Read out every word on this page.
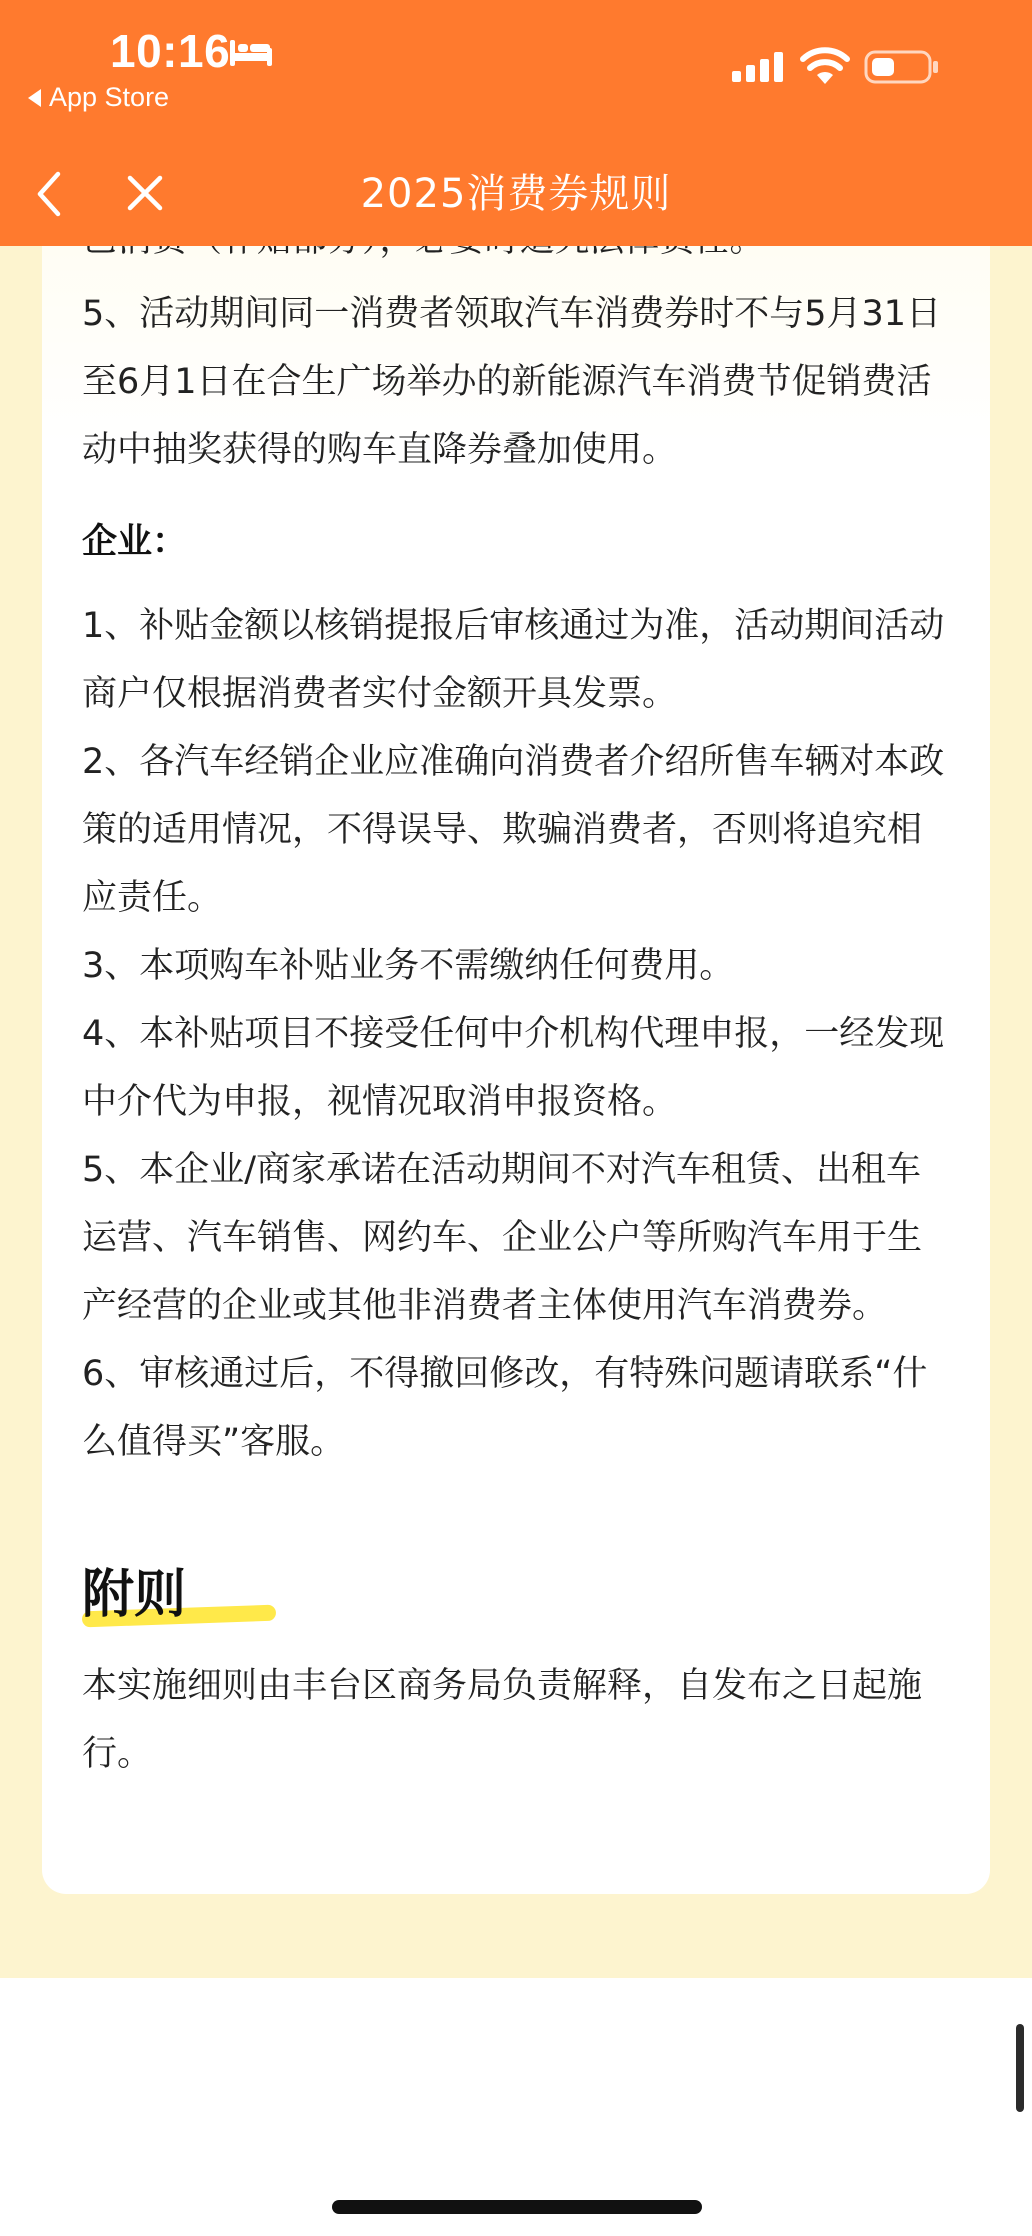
10:16
App Store
2025消费券规则

5、活动期间同一消费者领取汽车消费券时不与5月31日至6月1日在合生广场举办的新能源汽车消费节促销费活动中抽奖获得的购车直降券叠加使用。

企业：

1、补贴金额以核销提报后审核通过为准，活动期间活动商户仅根据消费者实付金额开具发票。

2、各汽车经销企业应准确向消费者介绍所售车辆对本政策的适用情况，不得误导、欺骗消费者，否则将追究相应责任。

3、本项购车补贴业务不需缴纳任何费用。

4、本补贴项目不接受任何中介机构代理申报，一经发现中介代为申报，视情况取消申报资格。

5、本企业/商家承诺在活动期间不对汽车租赁、出租车运营、汽车销售、网约车、企业公户等所购汽车用于生产经营的企业或其他非消费者主体使用汽车消费券。

6、审核通过后，不得撤回修改，有特殊问题请联系“什么值得买”客服。

附则

本实施细则由丰台区商务局负责解释，自发布之日起施行。
